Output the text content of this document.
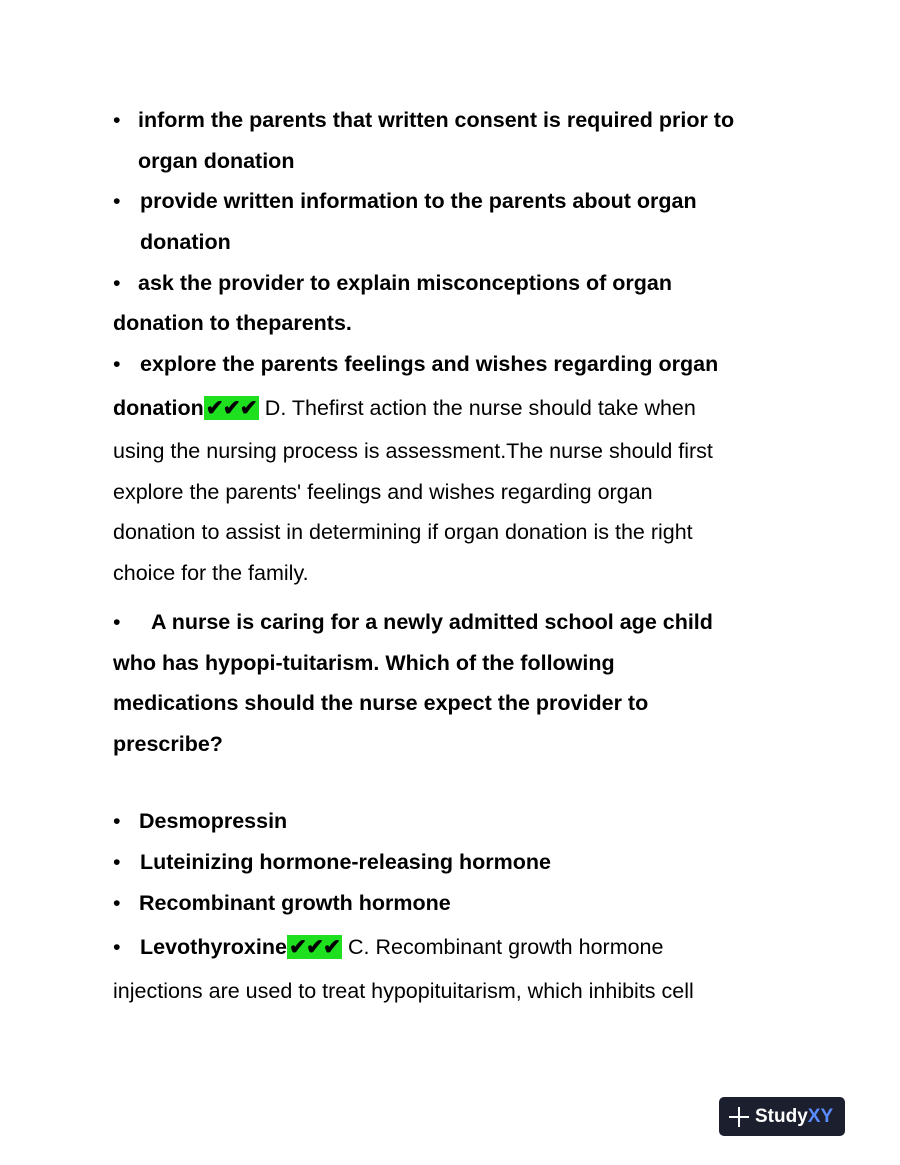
• inform the parents that written consent is required prior to
organ donation
• provide written information to the parents about organ
donation
• ask the provider to explain misconceptions of organ
donation to theparents.
• explore the parents feelings and wishes regarding organ
donation✔✔✔ D. Thefirst action the nurse should take when
using the nursing process is assessment.The nurse should first
explore the parents' feelings and wishes regarding organ
donation to assist in determining if organ donation is the right
choice for the family.
• A nurse is caring for a newly admitted school age child
who has hypopi-tuitarism. Which of the following
medications should the nurse expect the provider to
prescribe?
• Desmopressin
• Luteinizing hormone-releasing hormone
• Recombinant growth hormone
• Levothyroxine✔✔✔ C. Recombinant growth hormone
injections are used to treat hypopituitarism, which inhibits cell
Study XY
